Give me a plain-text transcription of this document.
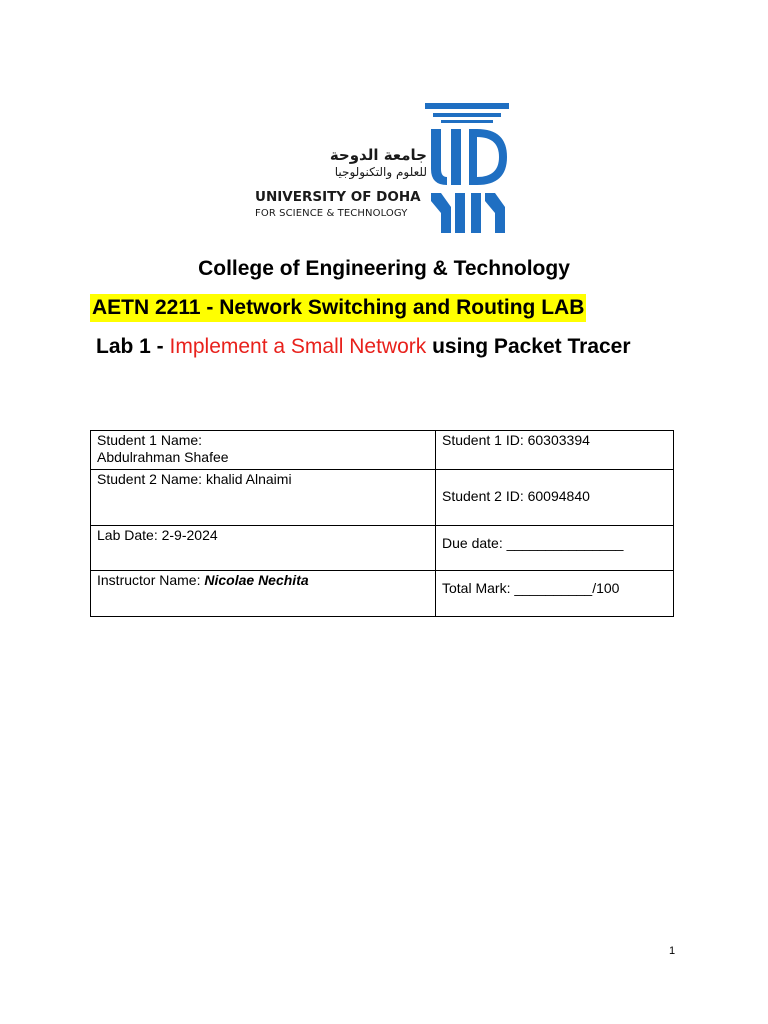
جامعة الدوحة
للعلوم والتكنولوجيا
UNIVERSITY OF DOHA
FOR SCIENCE & TECHNOLOGY
College of Engineering & Technology
AETN 2211 - Network Switching and Routing LAB
Lab 1 - Implement a Small Network using Packet Tracer
Student 1 Name:
Abdulrahman Shafee	Student 1 ID: 60303394
Student 2 Name: khalid Alnaimi	Student 2 ID: 60094840
Lab Date: 2-9-2024	Due date: _______________
Instructor Name: Nicolae Nechita	Total Mark: __________/100
1
